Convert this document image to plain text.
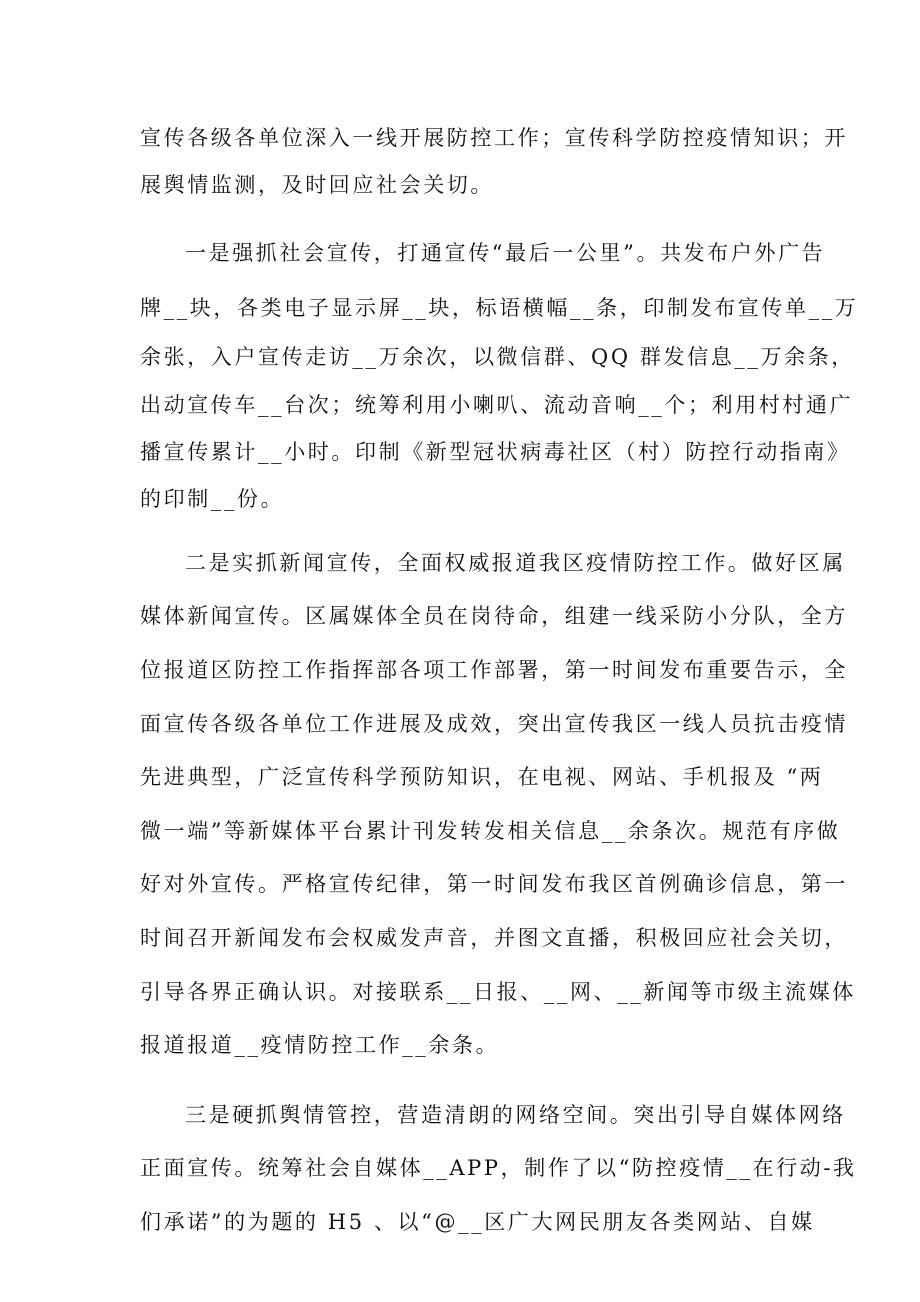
宣传各级各单位深入一线开展防控工作；宣传科学防控疫情知识；开
展舆情监测，及时回应社会关切。
一是强抓社会宣传，打通宣传“最后一公里”。共发布户外广告
牌__块，各类电子显示屏__块，标语横幅__条，印制发布宣传单__万
余张，入户宣传走访__万余次，以微信群、QQ 群发信息__万余条，
出动宣传车__台次；统筹利用小喇叭、流动音响__个；利用村村通广
播宣传累计__小时。印制《新型冠状病毒社区（村）防控行动指南》
的印制__份。
二是实抓新闻宣传，全面权威报道我区疫情防控工作。做好区属
媒体新闻宣传。区属媒体全员在岗待命，组建一线采防小分队，全方
位报道区防控工作指挥部各项工作部署，第一时间发布重要告示，全
面宣传各级各单位工作进展及成效，突出宣传我区一线人员抗击疫情
先进典型，广泛宣传科学预防知识，在电视、网站、手机报及 “两
微一端”等新媒体平台累计刊发转发相关信息__余条次。规范有序做
好对外宣传。严格宣传纪律，第一时间发布我区首例确诊信息，第一
时间召开新闻发布会权威发声音，并图文直播，积极回应社会关切，
引导各界正确认识。对接联系__日报、__网、__新闻等市级主流媒体
报道报道__疫情防控工作__余条。
三是硬抓舆情管控，营造清朗的网络空间。突出引导自媒体网络
正面宣传。统筹社会自媒体__APP，制作了以“防控疫情__在行动-我
们承诺”的为题的 H5 、以“@__区广大网民朋友各类网站、自媒
